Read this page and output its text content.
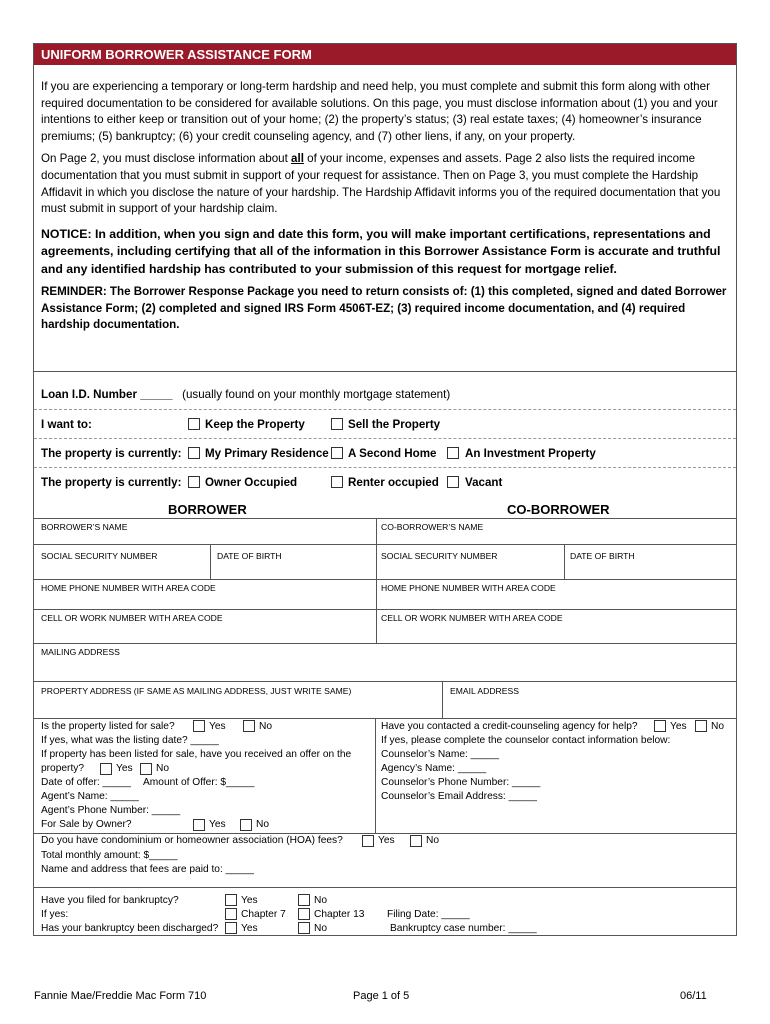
UNIFORM BORROWER ASSISTANCE FORM

If you are experiencing a temporary or long-term hardship and need help, you must complete and submit this form along with other required documentation to be considered for available solutions. On this page, you must disclose information about (1) you and your intentions to either keep or transition out of your home; (2) the property’s status; (3) real estate taxes; (4) homeowner’s insurance premiums; (5) bankruptcy; (6) your credit counseling agency, and (7) other liens, if any, on your property.

On Page 2, you must disclose information about all of your income, expenses and assets. Page 2 also lists the required income documentation that you must submit in support of your request for assistance. Then on Page 3, you must complete the Hardship Affidavit in which you disclose the nature of your hardship. The Hardship Affidavit informs you of the required documentation that you must submit in support of your hardship claim.

NOTICE: In addition, when you sign and date this form, you will make important certifications, representations and agreements, including certifying that all of the information in this Borrower Assistance Form is accurate and truthful and any identified hardship has contributed to your submission of this request for mortgage relief.

REMINDER: The Borrower Response Package you need to return consists of: (1) this completed, signed and dated Borrower Assistance Form; (2) completed and signed IRS Form 4506T-EZ; (3) required income documentation, and (4) required hardship documentation.

Loan I.D. Number _____ (usually found on your monthly mortgage statement)
I want to:	Keep the Property	Sell the Property
The property is currently: My Primary Residence A Second Home An Investment Property
The property is currently: Owner Occupied	Renter occupied Vacant
BORROWER	CO-BORROWER
BORROWER’S NAME	CO-BORROWER’S NAME
SOCIAL SECURITY NUMBER	DATE OF BIRTH	SOCIAL SECURITY NUMBER	DATE OF BIRTH
HOME PHONE NUMBER WITH AREA CODE	HOME PHONE NUMBER WITH AREA CODE
CELL OR WORK NUMBER WITH AREA CODE	CELL OR WORK NUMBER WITH AREA CODE
MAILING ADDRESS
PROPERTY ADDRESS (IF SAME AS MAILING ADDRESS, JUST WRITE SAME)	EMAIL ADDRESS
Is the property listed for sale?	Yes	No
If yes, what was the listing date? _____
If property has been listed for sale, have you received an offer on the
property?	Yes No
Date of offer: _____ Amount of Offer: $_____
Agent’s Name: _____
Agent’s Phone Number: _____
For Sale by Owner?	Yes	No
Have you contacted a credit-counseling agency for help?	Yes No
If yes, please complete the counselor contact information below:
Counselor’s Name: _____
Agency’s Name: _____
Counselor’s Phone Number: _____
Counselor’s Email Address: _____
Do you have condominium or homeowner association (HOA) fees?	Yes	No
Total monthly amount: $_____
Name and address that fees are paid to: _____
Have you filed for bankruptcy?	Yes	No
If yes:	Chapter 7	Chapter 13 Filing Date: _____
Has your bankruptcy been discharged? Yes	No	Bankruptcy case number: _____
Fannie Mae/Freddie Mac Form 710	Page 1 of 5	06/11
